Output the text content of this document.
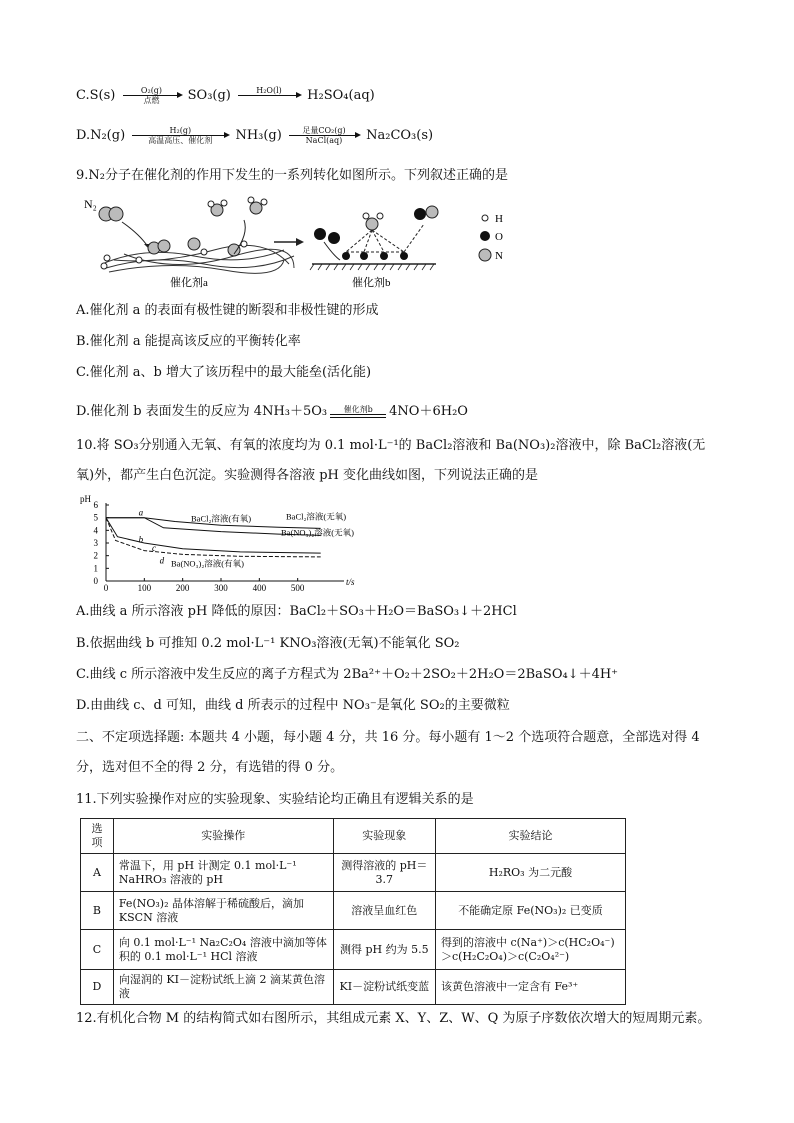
C.S(s)	O₂(g)
点燃	SO₃(g)	H₂O(l)
	H₂SO₄(aq)
D.N₂(g)	H₂(g)
高温高压、催化剂	NH₃(g)	足量CO₂(g)
NaCl(aq)	Na₂CO₃(s)
9.N₂分子在催化剂的作用下发生的一系列转化如图所示。下列叙述正确的是
N₂
催化剂a	催化剂b
H
O
N
A.催化剂 a 的表面有极性键的断裂和非极性键的形成
B.催化剂 a 能提高该反应的平衡转化率
C.催化剂 a、b 增大了该历程中的最大能垒(活化能)
D.催化剂 b 表面发生的反应为 4NH₃＋5O₃	催化剂b	4NO＋6H₂O
10.将 SO₃分别通入无氧、有氧的浓度均为 0.1 mol·L⁻¹的 BaCl₂溶液和 Ba(NO₃)₂溶液中，除 BaCl₂溶液(无
氧)外，都产生白色沉淀。实验测得各溶液 pH 变化曲线如图，下列说法正确的是
0
1
2
3
4
5
6
0	100	200	300	400	500
pH
t/s
BaCl₂溶液(无氧)
BaCl₂溶液(有氧)
Ba(NO₃)₂溶液(无氧)
Ba(NO₃)₂溶液(有氧)
a
b
c
d
A.曲线 a 所示溶液 pH 降低的原因：BaCl₂＋SO₃＋H₂O＝BaSO₃↓＋2HCl
B.依据曲线 b 可推知 0.2 mol·L⁻¹ KNO₃溶液(无氧)不能氧化 SO₂
C.曲线 c 所示溶液中发生反应的离子方程式为 2Ba²⁺＋O₂＋2SO₂＋2H₂O＝2BaSO₄↓＋4H⁺
D.由曲线 c、d 可知，曲线 d 所表示的过程中 NO₃⁻是氧化 SO₂的主要微粒
二、不定项选择题: 本题共 4 小题，每小题 4 分，共 16 分。每小题有 1～2 个选项符合题意，全部选对得 4
分，选对但不全的得 2 分，有选错的得 0 分。
11.下列实验操作对应的实验现象、实验结论均正确且有逻辑关系的是
选项	实验操作	实验现象	实验结论
A	常温下，用 pH 计测定 0.1 mol·L⁻¹ NaHRO₃ 溶液的 pH	测得溶液的 pH＝3.7	H₂RO₃ 为二元酸
B	Fe(NO₃)₂ 晶体溶解于稀硫酸后，滴加 KSCN 溶液	溶液呈血红色	不能确定原 Fe(NO₃)₂ 已变质
C	向 0.1 mol·L⁻¹ Na₂C₂O₄ 溶液中滴加等体积的 0.1 mol·L⁻¹ HCl 溶液	测得 pH 约为 5.5	得到的溶液中 c(Na⁺)＞c(HC₂O₄⁻)＞c(H₂C₂O₄)＞c(C₂O₄²⁻)
D	向湿润的 KI－淀粉试纸上滴 2 滴某黄色溶液	KI－淀粉试纸变蓝	该黄色溶液中一定含有 Fe³⁺
12.有机化合物 M 的结构简式如右图所示，其组成元素 X、Y、Z、W、Q 为原子序数依次增大的短周期元素。
